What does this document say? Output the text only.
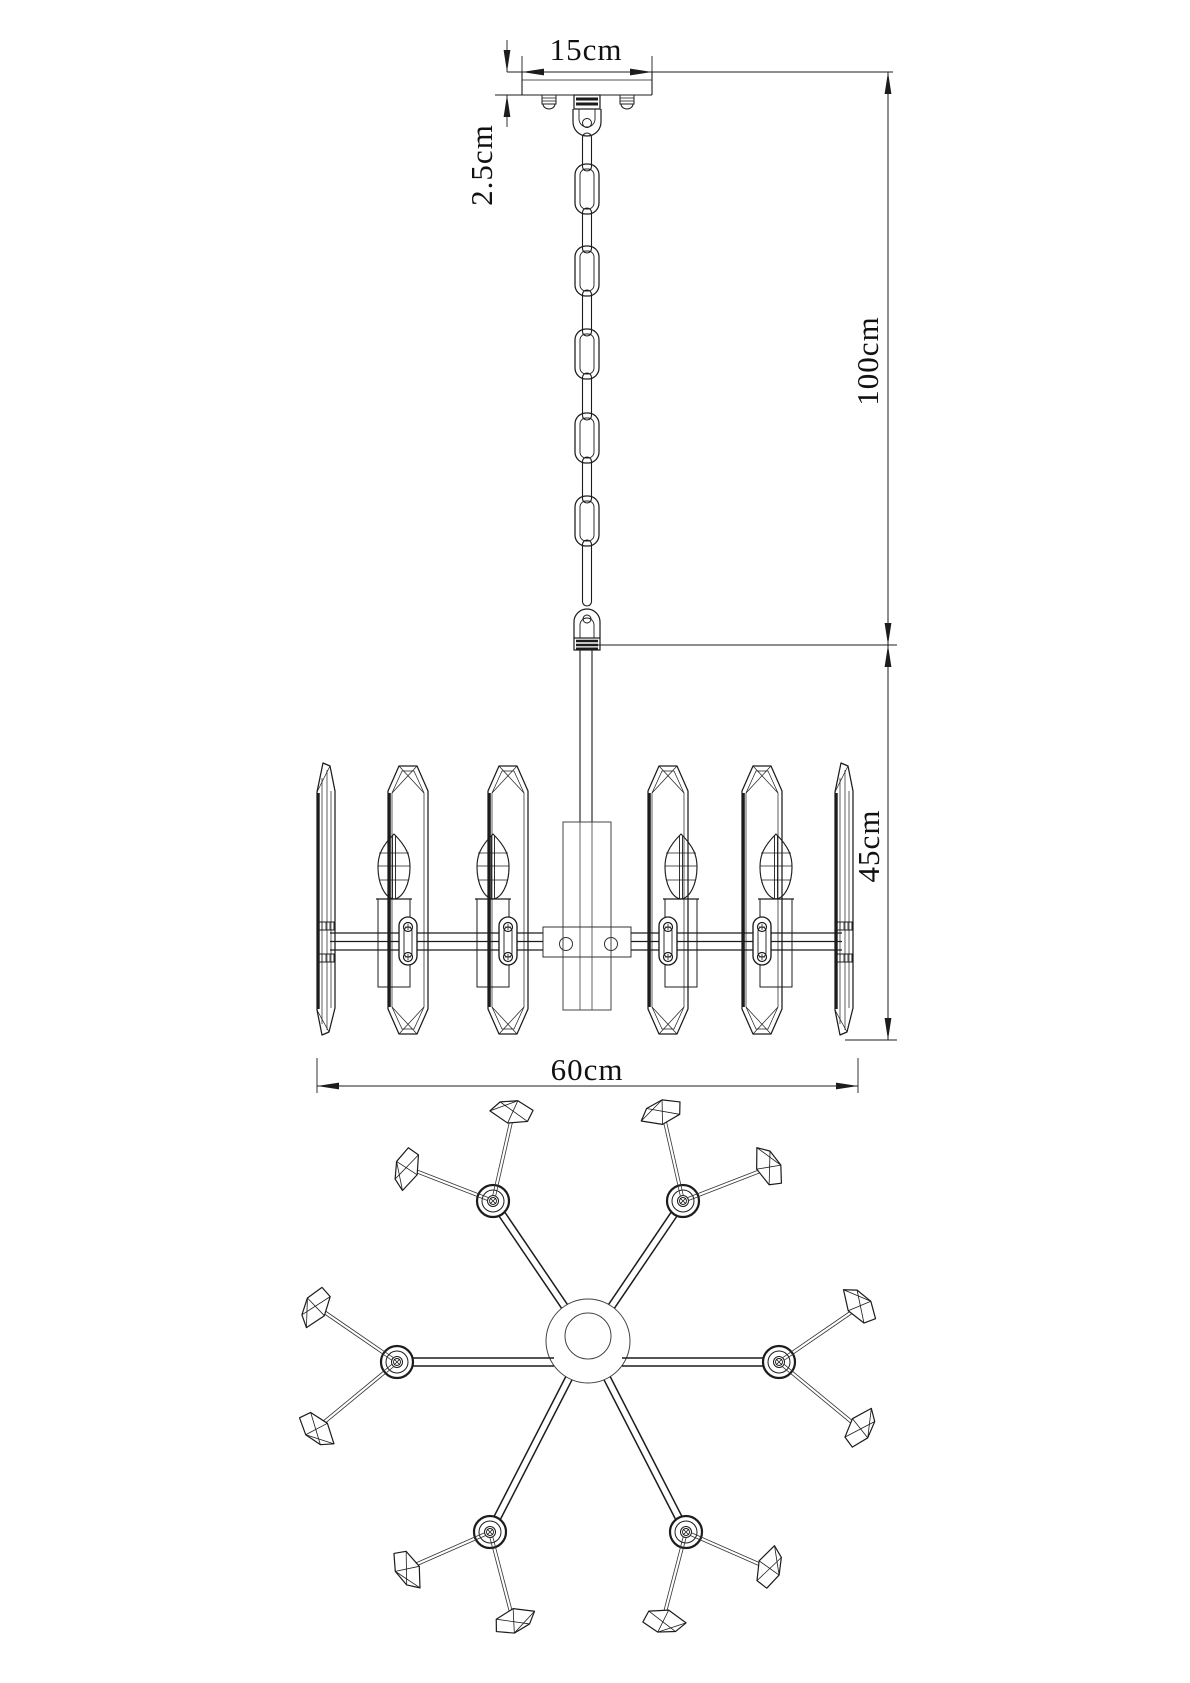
15cm
2.5cm
100cm
45cm
60cm
